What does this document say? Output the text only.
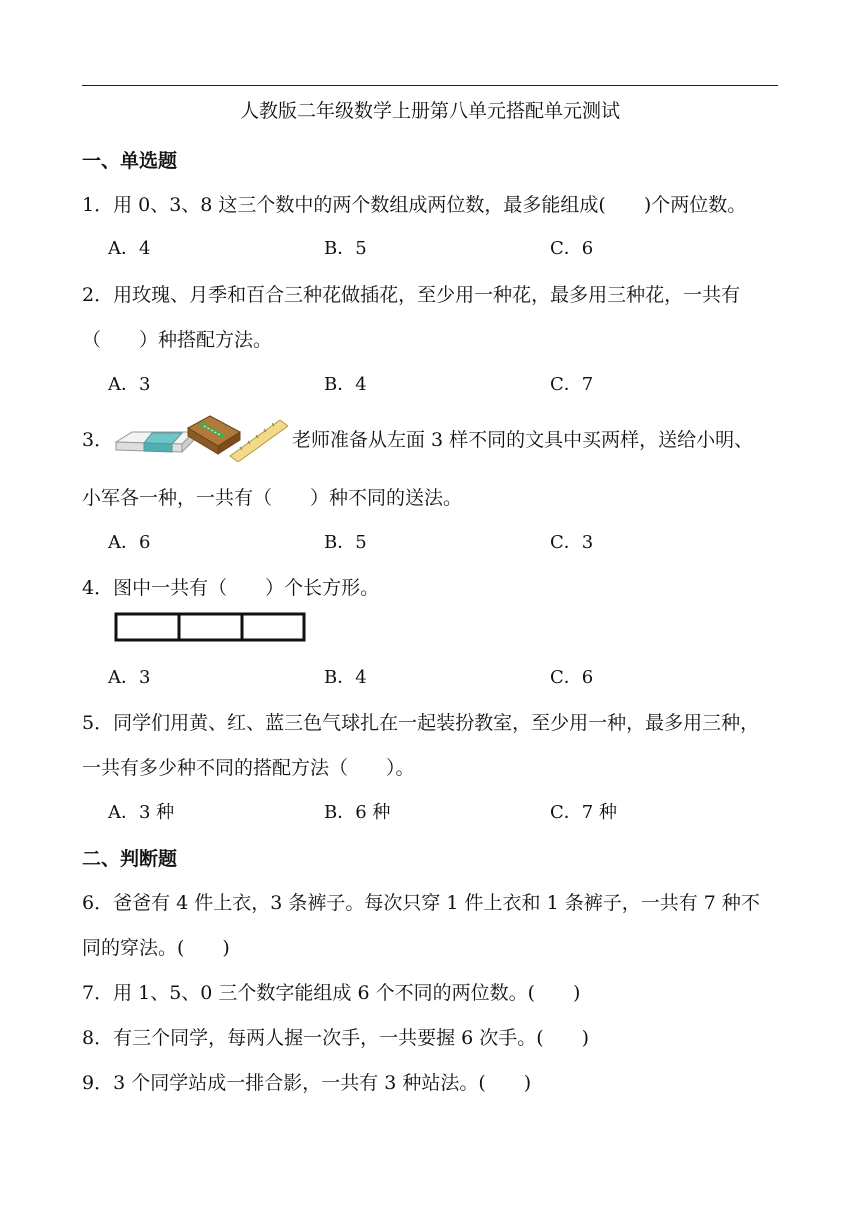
人教版二年级数学上册第八单元搭配单元测试
一、单选题
1．用 0、3、8 这三个数中的两个数组成两位数，最多能组成(　　)个两位数。
A．4	B．5	C．6
2．用玫瑰、月季和百合三种花做插花，至少用一种花，最多用三种花，一共有
（　　）种搭配方法。
A．3	B．4	C．7
3．	老师准备从左面 3 样不同的文具中买两样，送给小明、
小军各一种，一共有（　　）种不同的送法。
A．6	B．5	C．3
4．图中一共有（　　）个长方形。
A．3	B．4	C．6
5．同学们用黄、红、蓝三色气球扎在一起装扮教室，至少用一种，最多用三种，
一共有多少种不同的搭配方法（　　）。
A．3 种	B．6 种	C．7 种
二、判断题
6．爸爸有 4 件上衣，3 条裤子。每次只穿 1 件上衣和 1 条裤子，一共有 7 种不
同的穿法。(　　)
7．用 1、5、0 三个数字能组成 6 个不同的两位数。(　　)
8．有三个同学，每两人握一次手，一共要握 6 次手。(　　)
9．3 个同学站成一排合影，一共有 3 种站法。(　　)
